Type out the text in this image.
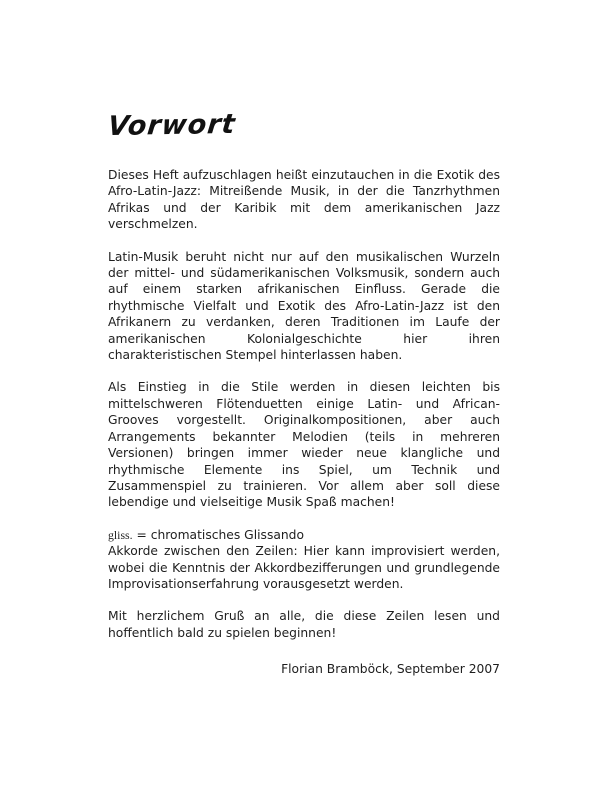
Vorwort

Dieses Heft aufzuschlagen heißt einzutauchen in die Exotik des Afro-Latin-Jazz: Mitreißende Musik, in der die Tanzrhythmen Afrikas und der Karibik mit dem amerikanischen Jazz verschmelzen.

Latin-Musik beruht nicht nur auf den musikalischen Wurzeln der mittel- und südamerikanischen Volksmusik, sondern auch auf einem starken afrikanischen Einfluss. Gerade die rhythmische Vielfalt und Exotik des Afro-Latin-Jazz ist den Afrikanern zu verdanken, deren Traditionen im Laufe der amerikanischen Kolonialgeschichte hier ihren charakteristischen Stempel hinterlassen haben.

Als Einstieg in die Stile werden in diesen leichten bis mittelschweren Flötenduetten einige Latin- und African-Grooves vorgestellt. Originalkompositionen, aber auch Arrangements bekannter Melodien (teils in mehreren Versionen) bringen immer wieder neue klangliche und rhythmische Elemente ins Spiel, um Technik und Zusammenspiel zu trainieren. Vor allem aber soll diese lebendige und vielseitige Musik Spaß machen!

gliss. = chromatisches Glissando

Akkorde zwischen den Zeilen: Hier kann improvisiert werden, wobei die Kenntnis der Akkordbezifferungen und grundlegende Improvisationserfahrung vorausgesetzt werden.

Mit herzlichem Gruß an alle, die diese Zeilen lesen und hoffentlich bald zu spielen beginnen!

Florian Bramböck, September 2007
